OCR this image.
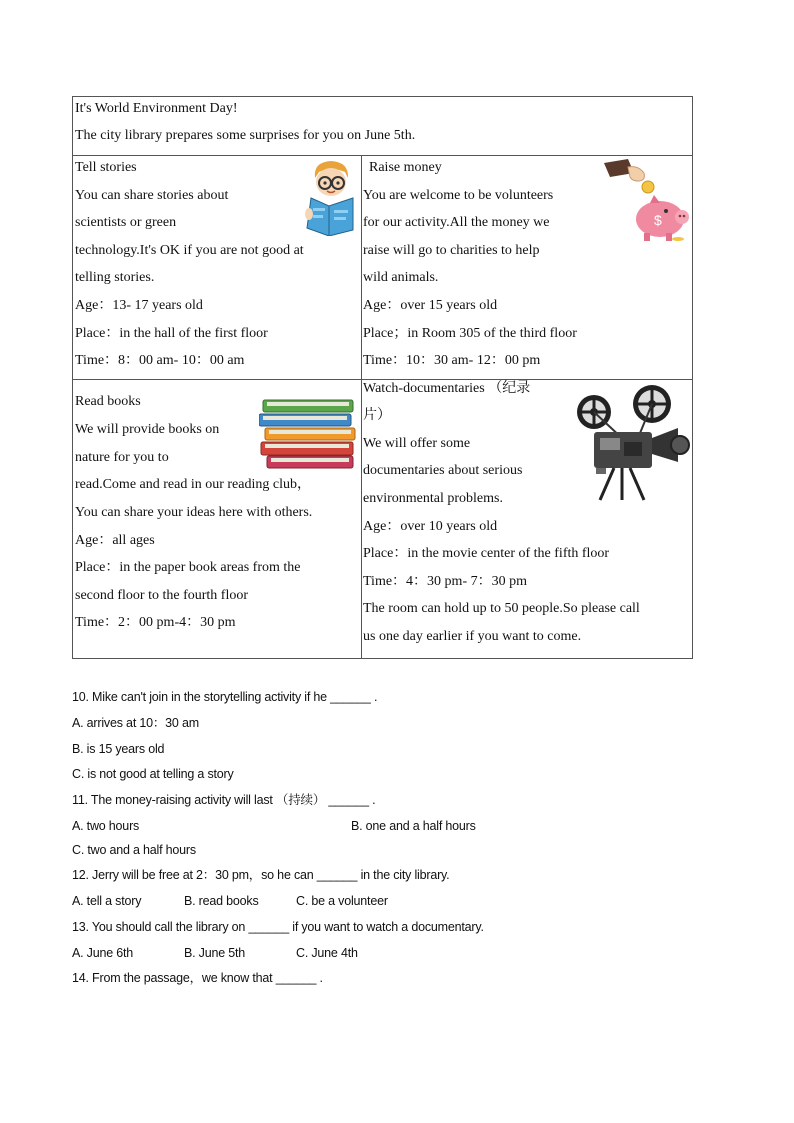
It's World Environment Day!
The city library prepares some surprises for you on June 5th.
Tell stories
You can share stories about
scientists or green
technology.It's OK if you are not good at
telling stories.
Age：13- 17 years old
Place：in the hall of the first floor
Time：8：00 am- 10：00 am
Raise money
You are welcome to be volunteers
for our activity.All the money we
raise will go to charities to help
wild animals.
Age：over 15 years old
Place；in Room 305 of the third floor
Time：10：30 am- 12：00 pm
$
Read books
We will provide books on
nature for you to
read.Come and read in our reading club，
You can share your ideas here with others.
Age：all ages
Place：in the paper book areas from the
second floor to the fourth floor
Time：2：00 pm-4：30 pm
Watch-documentaries （纪录
片）
We will offer some
documentaries about serious
environmental problems.
Age：over 10 years old
Place：in the movie center of the fifth floor
Time：4：30 pm- 7：30 pm
The room can hold up to 50 people.So please call
us one day earlier if you want to come.
10. Mike can't join in the storytelling activity if he ______ .
A. arrives at 10：30 am
B. is 15 years old
C. is not good at telling a story
11. The money-raising activity will last （持续） ______ .
A. two hours	B. one and a half hours
C. two and a half hours
12. Jerry will be free at 2：30 pm，so he can ______ in the city library.
A. tell a story	B. read books	C. be a volunteer
13. You should call the library on ______ if you want to watch a documentary.
A. June 6th	B. June 5th	C. June 4th
14. From the passage，we know that ______ .
